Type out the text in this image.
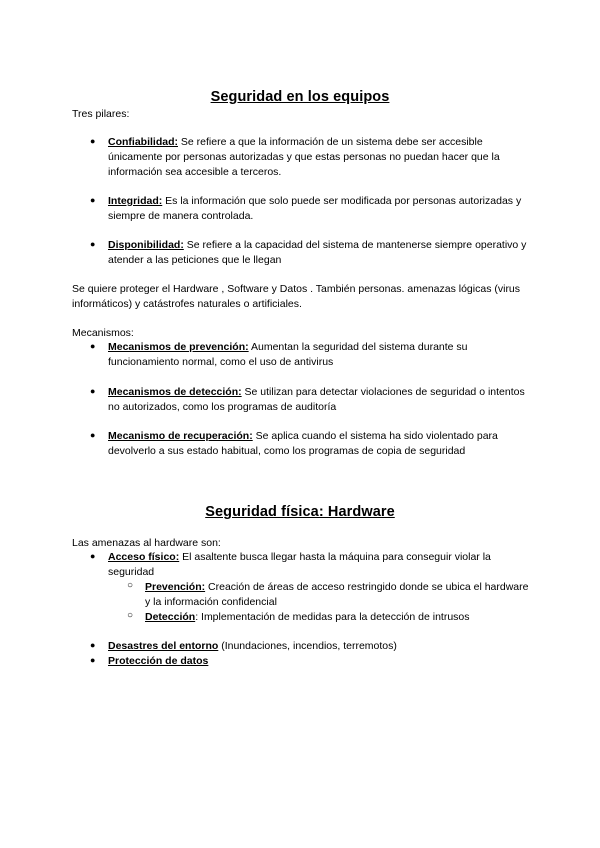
Seguridad en los equipos
Tres pilares:
● Confiabilidad: Se refiere a que la información de un sistema debe ser accesible únicamente por personas autorizadas y que estas personas no puedan hacer que la información sea accesible a terceros.
● Integridad: Es la información que solo puede ser modificada por personas autorizadas y siempre de manera controlada.
● Disponibilidad: Se refiere a la capacidad del sistema de mantenerse siempre operativo y atender a las peticiones que le llegan
Se quiere proteger el Hardware , Software y Datos . También personas. amenazas lógicas (virus informáticos) y catástrofes naturales o artificiales.
Mecanismos:
● Mecanismos de prevención: Aumentan la seguridad del sistema durante su funcionamiento normal, como el uso de antivirus
● Mecanismos de detección: Se utilizan para detectar violaciones de seguridad o intentos no autorizados, como los programas de auditoría
● Mecanismo de recuperación: Se aplica cuando el sistema ha sido violentado para devolverlo a sus estado habitual, como los programas de copia de seguridad
Seguridad física: Hardware
Las amenazas al hardware son:
● Acceso físico: El asaltente busca llegar hasta la máquina para conseguir violar la seguridad
○ Prevención: Creación de áreas de acceso restringido donde se ubica el hardware y la información confidencial
○ Detección: Implementación de medidas para la detección de intrusos
● Desastres del entorno (Inundaciones, incendios, terremotos)
● Protección de datos
